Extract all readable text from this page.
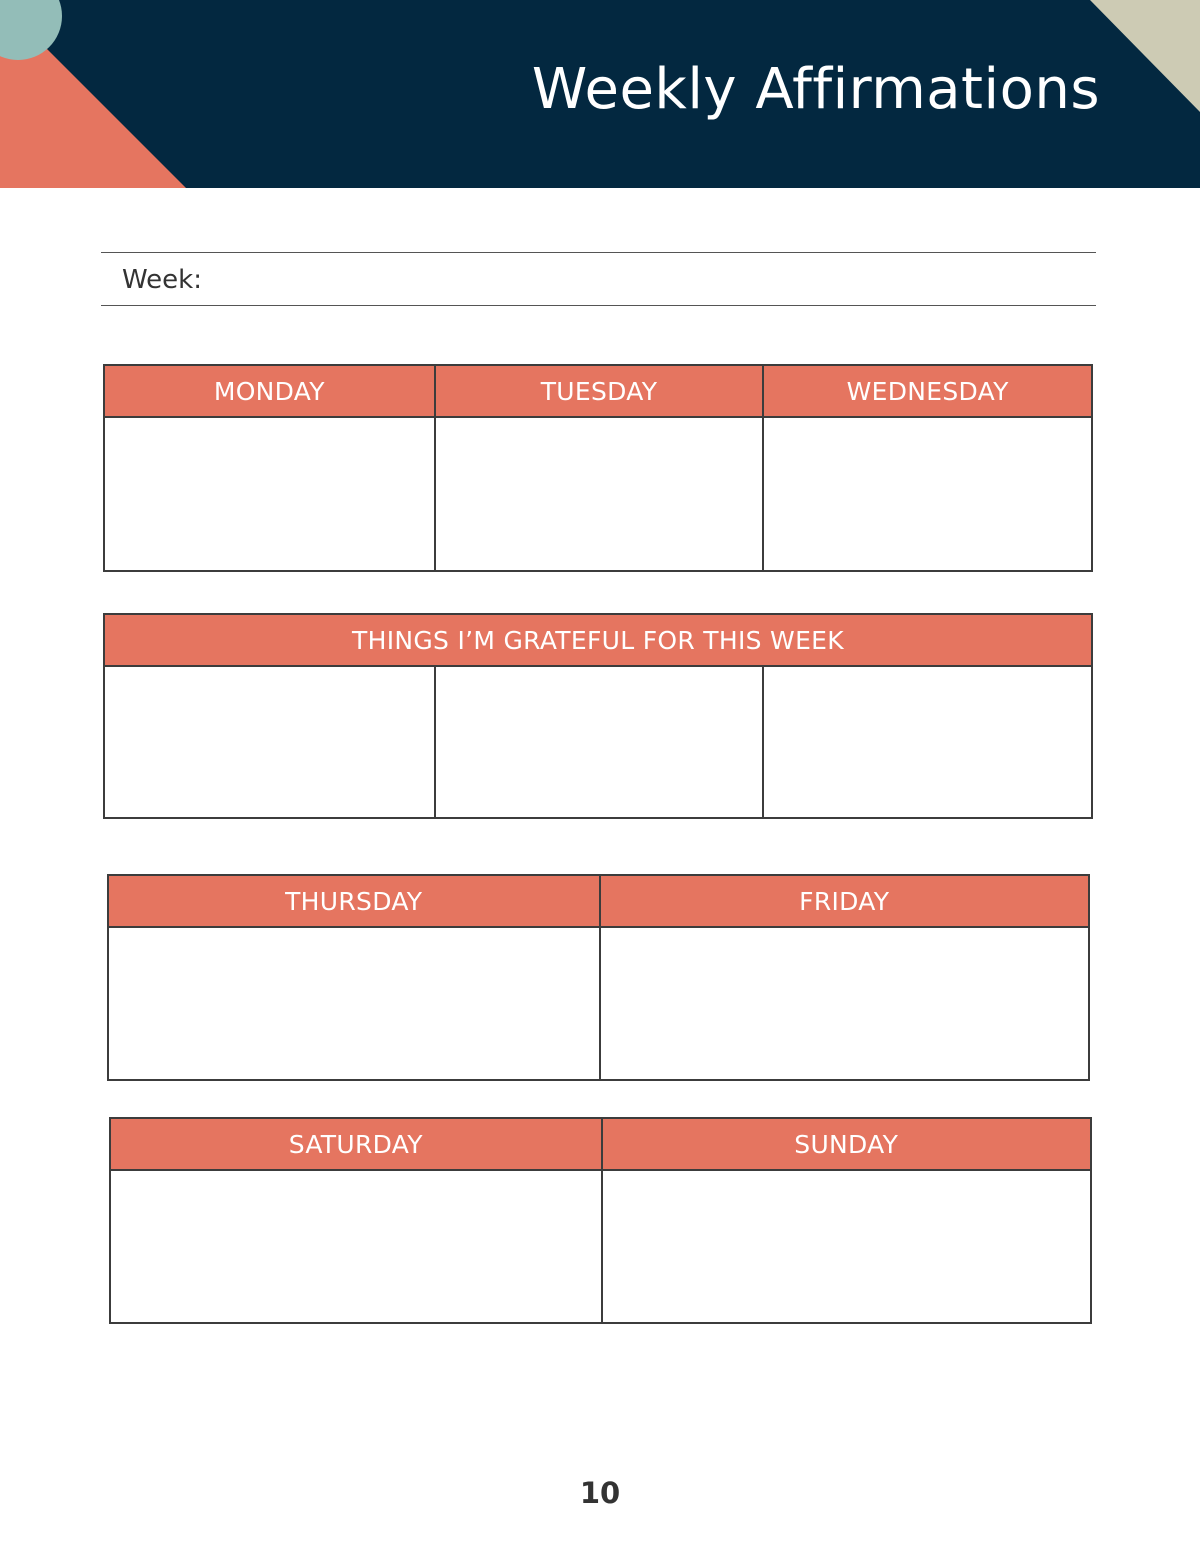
Weekly Affirmations
Week:
MONDAY	TUESDAY	WEDNESDAY
THINGS I’M GRATEFUL FOR THIS WEEK
THURSDAY	FRIDAY
SATURDAY	SUNDAY
10
